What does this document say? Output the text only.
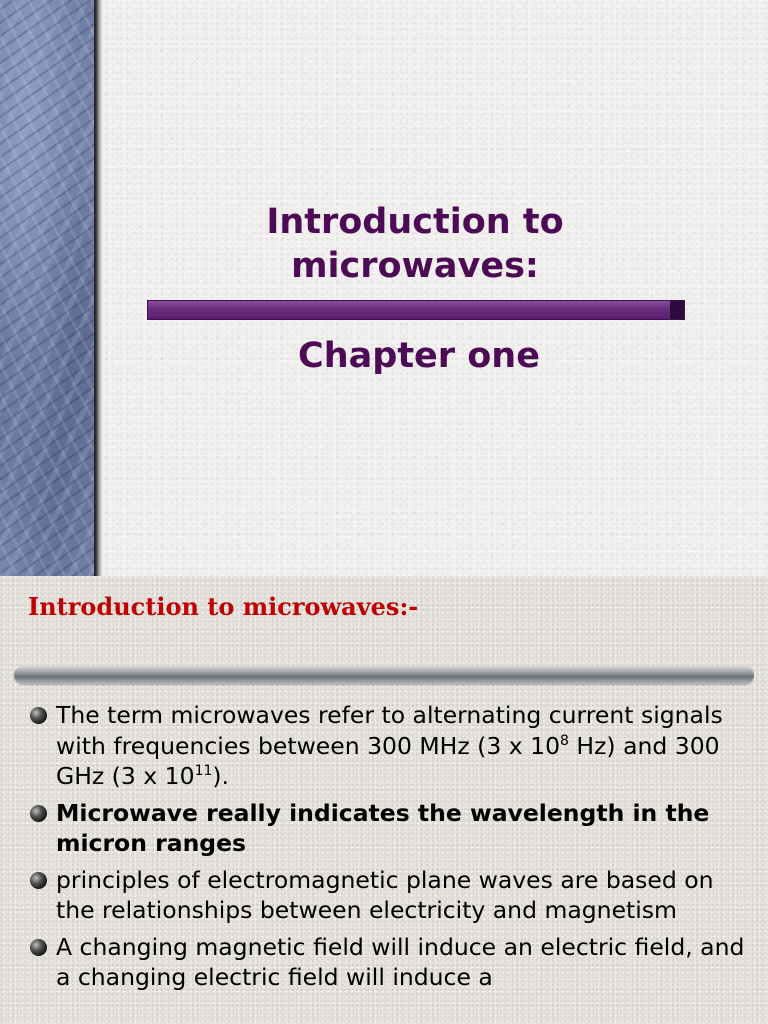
Introduction to
microwaves:
Chapter one
Introduction to microwaves:-
The term microwaves refer to alternating current signals with frequencies between 300 MHz (3 x $10^8$ Hz) and 300 GHz (3 x $10^{11}$).
Microwave really indicates the wavelength in the micron ranges
principles of electromagnetic plane waves are based on the relationships between electricity and magnetism
A changing magnetic field will induce an electric field, and a changing electric field will induce a
